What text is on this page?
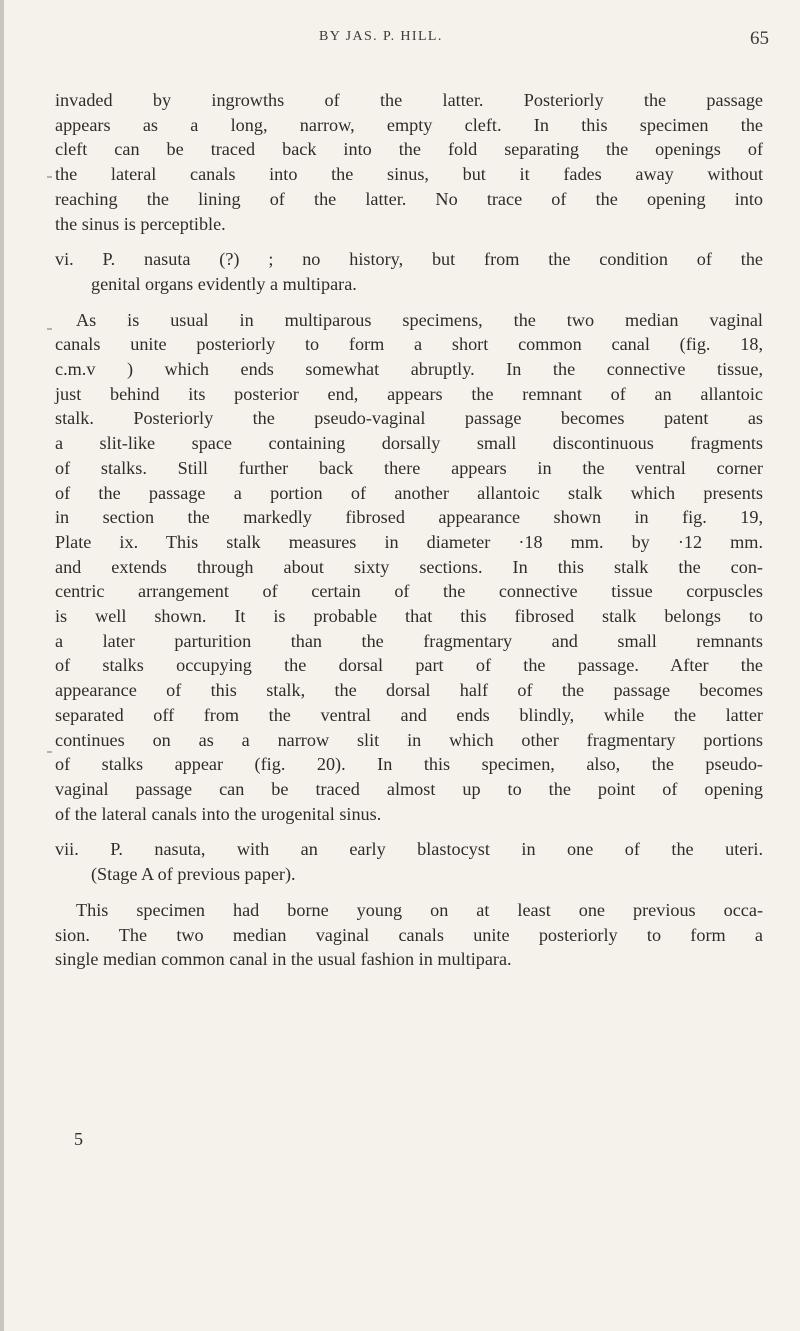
BY JAS. P. HILL.	65

invaded by ingrowths of the latter. Posteriorly the passage

appears as a long, narrow, empty cleft. In this specimen the

cleft can be traced back into the fold separating the openings of

the lateral canals into the sinus, but it fades away without

reaching the lining of the latter. No trace of the opening into

the sinus is perceptible.

vi. P. nasuta (?) ; no history, but from the condition of the

genital organs evidently a multipara.

As is usual in multiparous specimens, the two median vaginal

canals unite posteriorly to form a short common canal (fig. 18,

c.m.v ) which ends somewhat abruptly. In the connective tissue,

just behind its posterior end, appears the remnant of an allantoic

stalk. Posteriorly the pseudo-vaginal passage becomes patent as

a slit-like space containing dorsally small discontinuous fragments

of stalks. Still further back there appears in the ventral corner

of the passage a portion of another allantoic stalk which presents

in section the markedly fibrosed appearance shown in fig. 19,

Plate ix. This stalk measures in diameter ·18 mm. by ·12 mm.

and extends through about sixty sections. In this stalk the con-

centric arrangement of certain of the connective tissue corpuscles

is well shown. It is probable that this fibrosed stalk belongs to

a later parturition than the fragmentary and small remnants

of stalks occupying the dorsal part of the passage. After the

appearance of this stalk, the dorsal half of the passage becomes

separated off from the ventral and ends blindly, while the latter

continues on as a narrow slit in which other fragmentary portions

of stalks appear (fig. 20). In this specimen, also, the pseudo-

vaginal passage can be traced almost up to the point of opening

of the lateral canals into the urogenital sinus.

vii. P. nasuta, with an early blastocyst in one of the uteri.

(Stage A of previous paper).

This specimen had borne young on at least one previous occa-

sion. The two median vaginal canals unite posteriorly to form a

single median common canal in the usual fashion in multipara.

5
